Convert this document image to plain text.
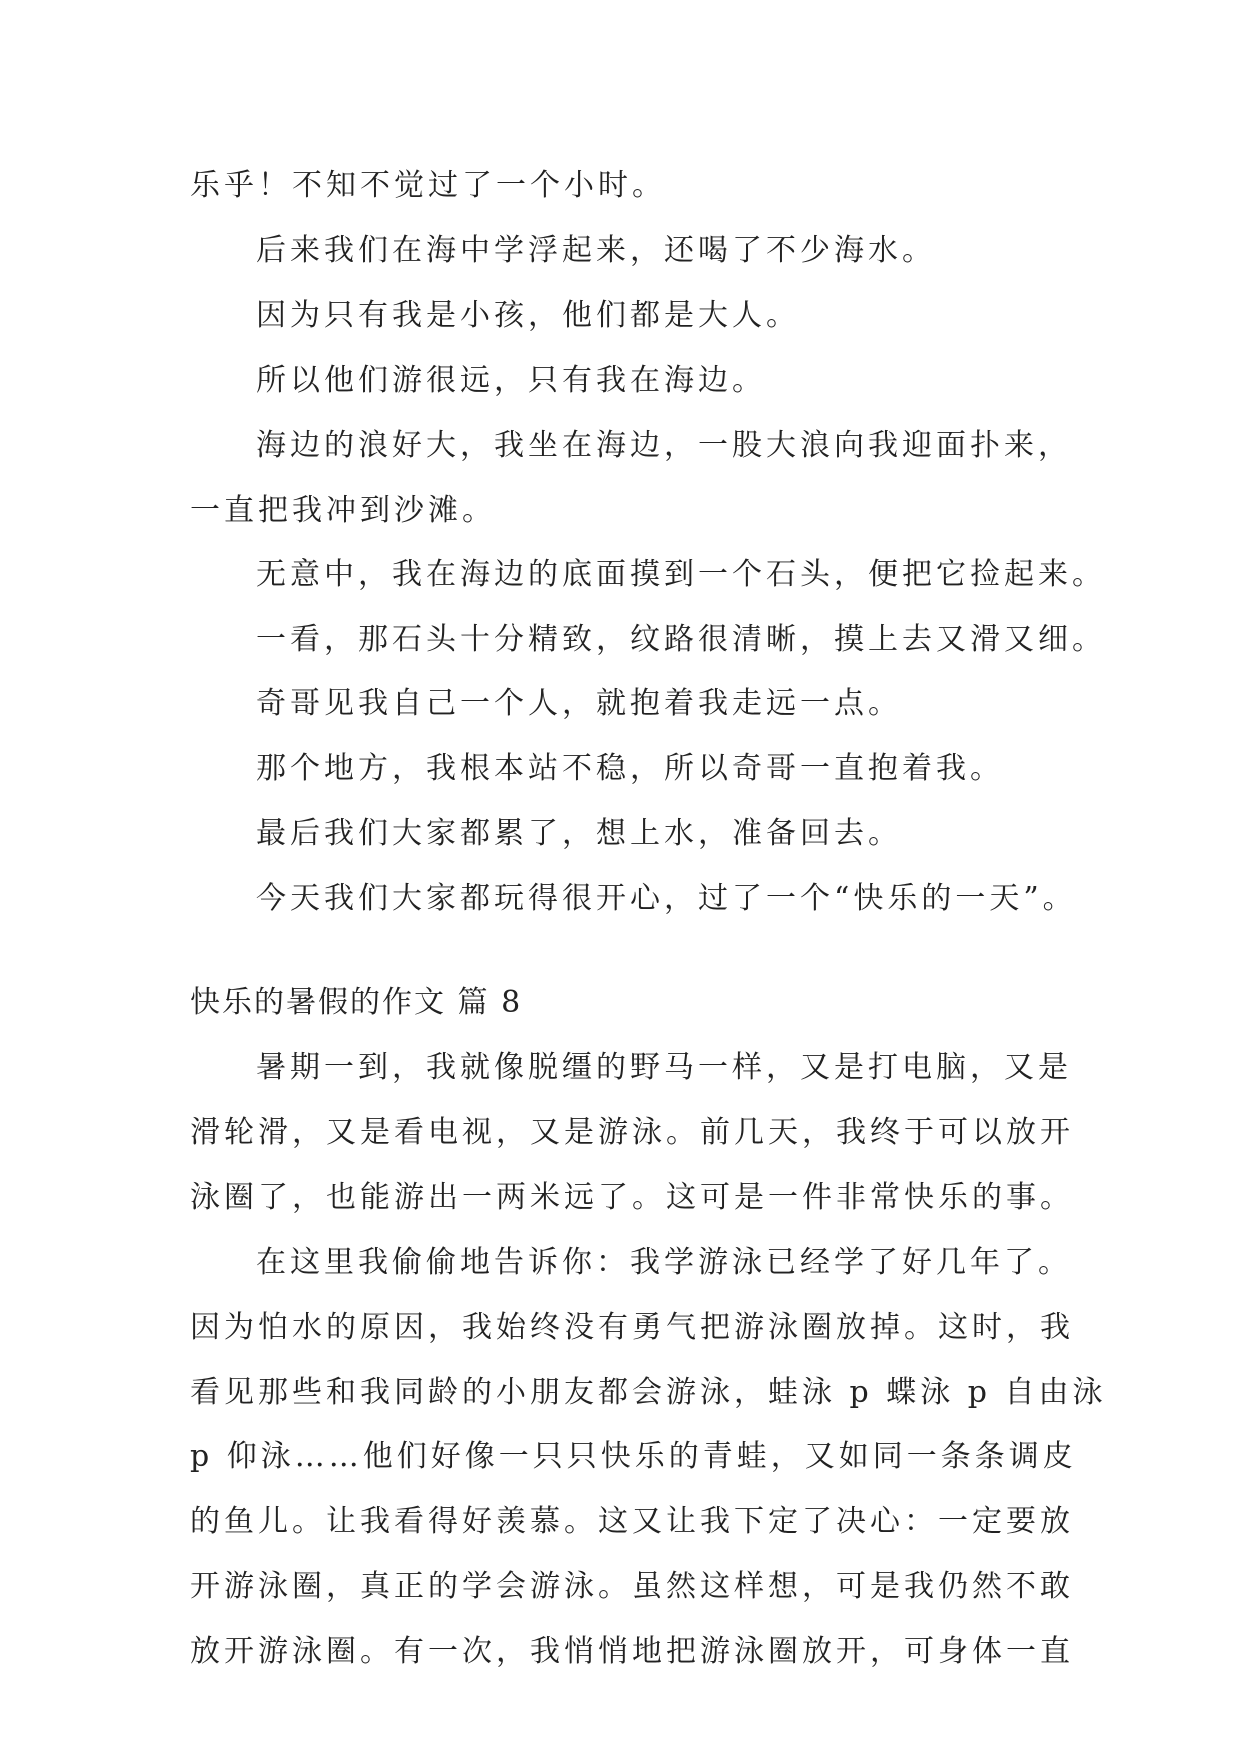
乐乎！不知不觉过了一个小时。
后来我们在海中学浮起来，还喝了不少海水。
因为只有我是小孩，他们都是大人。
所以他们游很远，只有我在海边。
海边的浪好大，我坐在海边，一股大浪向我迎面扑来，
一直把我冲到沙滩。
无意中，我在海边的底面摸到一个石头，便把它捡起来。
一看，那石头十分精致，纹路很清晰，摸上去又滑又细。
奇哥见我自己一个人，就抱着我走远一点。
那个地方，我根本站不稳，所以奇哥一直抱着我。
最后我们大家都累了，想上水，准备回去。
今天我们大家都玩得很开心，过了一个“快乐的一天”。
快乐的暑假的作文 篇 8
暑期一到，我就像脱缰的野马一样，又是打电脑，又是
滑轮滑，又是看电视，又是游泳。前几天，我终于可以放开
泳圈了，也能游出一两米远了。这可是一件非常快乐的事。
在这里我偷偷地告诉你：我学游泳已经学了好几年了。
因为怕水的原因，我始终没有勇气把游泳圈放掉。这时，我
看见那些和我同龄的小朋友都会游泳，蛙泳 p 蝶泳 p 自由泳
p 仰泳……他们好像一只只快乐的青蛙，又如同一条条调皮
的鱼儿。让我看得好羡慕。这又让我下定了决心：一定要放
开游泳圈，真正的学会游泳。虽然这样想，可是我仍然不敢
放开游泳圈。有一次，我悄悄地把游泳圈放开，可身体一直
